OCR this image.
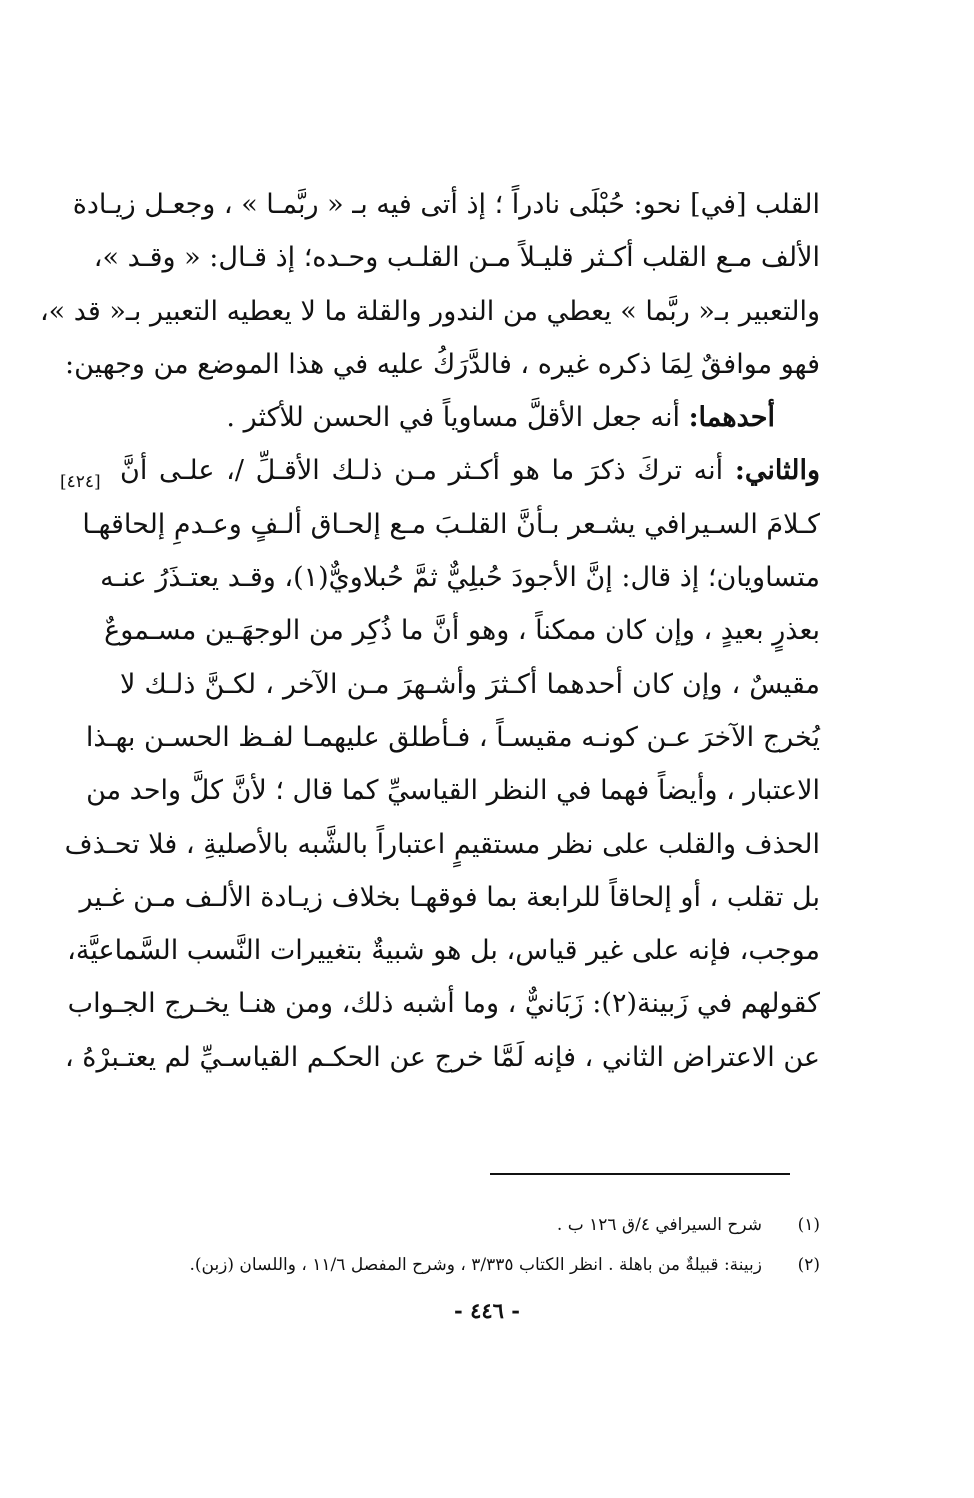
القلب [في] نحو: حُبْلَى نادراً ؛ إذ أتى فيه بـ « ربَّمـا » ، وجعـل زيـادة
الألف مـع القلب أكـثر قليـلاً مـن القلـب وحـده؛ إذ قـال: « وقـد »،
والتعبير بـ« ربَّما » يعطي من الندور والقلة ما لا يعطيه التعبير بـ« قد »،
فهو موافقٌ لِمَا ذكره غيره ، فالدَّرَكُ عليه في هذا الموضع من وجهين:
أحدهما: أنه جعل الأقلَّ مساوياً في الحسن للأكثر .
والثاني: أنه تركَ ذكرَ ما هو أكـثر مـن ذلـك الأقـلِّ /، علـى أنَّ
كـلامَ السـيرافي يشـعر بـأنَّ القلـبَ مـع إلحـاق ألـفٍ وعـدمِ إلحاقهـا
متساويان؛ إذ قال: إنَّ الأجودَ حُبلِيٌّ ثمَّ حُبلاويٌّ(١)، وقـد يعتـذَرُ عنـه
بعذرٍ بعيدٍ ، وإن كان ممكناً ، وهو أنَّ ما ذُكِر من الوجهَـين مسـموعٌ
مقيسٌ ، وإن كان أحدهما أكـثرَ وأشـهرَ مـن الآخر ، لكـنَّ ذلـك لا
يُخرج الآخرَ عـن كونـه مقيسـاً ، فـأطلق عليهمـا لفـظ الحسـن بهـذا
الاعتبار ، وأيضاً فهما في النظر القياسيِّ كما قال ؛ لأنَّ كلَّ واحد من
الحذف والقلب على نظر مستقيمٍ اعتباراً بالشَّبه بالأصليةِ ، فلا تحـذف
بل تقلب ، أو إلحاقاً للرابعة بما فوقهـا بخلاف زيـادة الألـف مـن غـير
موجب، فإنه على غير قياس، بل هو شبيةٌ بتغييرات النَّسب السَّماعيَّة،
كقولهم في زَبينة(٢): زَبَانيٌّ ، وما أشبه ذلك، ومن هنـا يخـرج الجـواب
عن الاعتراض الثاني ، فإنه لَمَّا خرج عن الحكـم القياسـيِّ لم يعتـبرْهُ ،
[٤٢٤]
(١)شرح السيرافي ٤/ق ١٢٦ ب .
(٢)زبينة: قبيلةٌ من باهلة . انظر الكتاب ٣/٣٣٥ ، وشرح المفصل ١١/٦ ، واللسان (زبن).
- ٤٤٦ -
